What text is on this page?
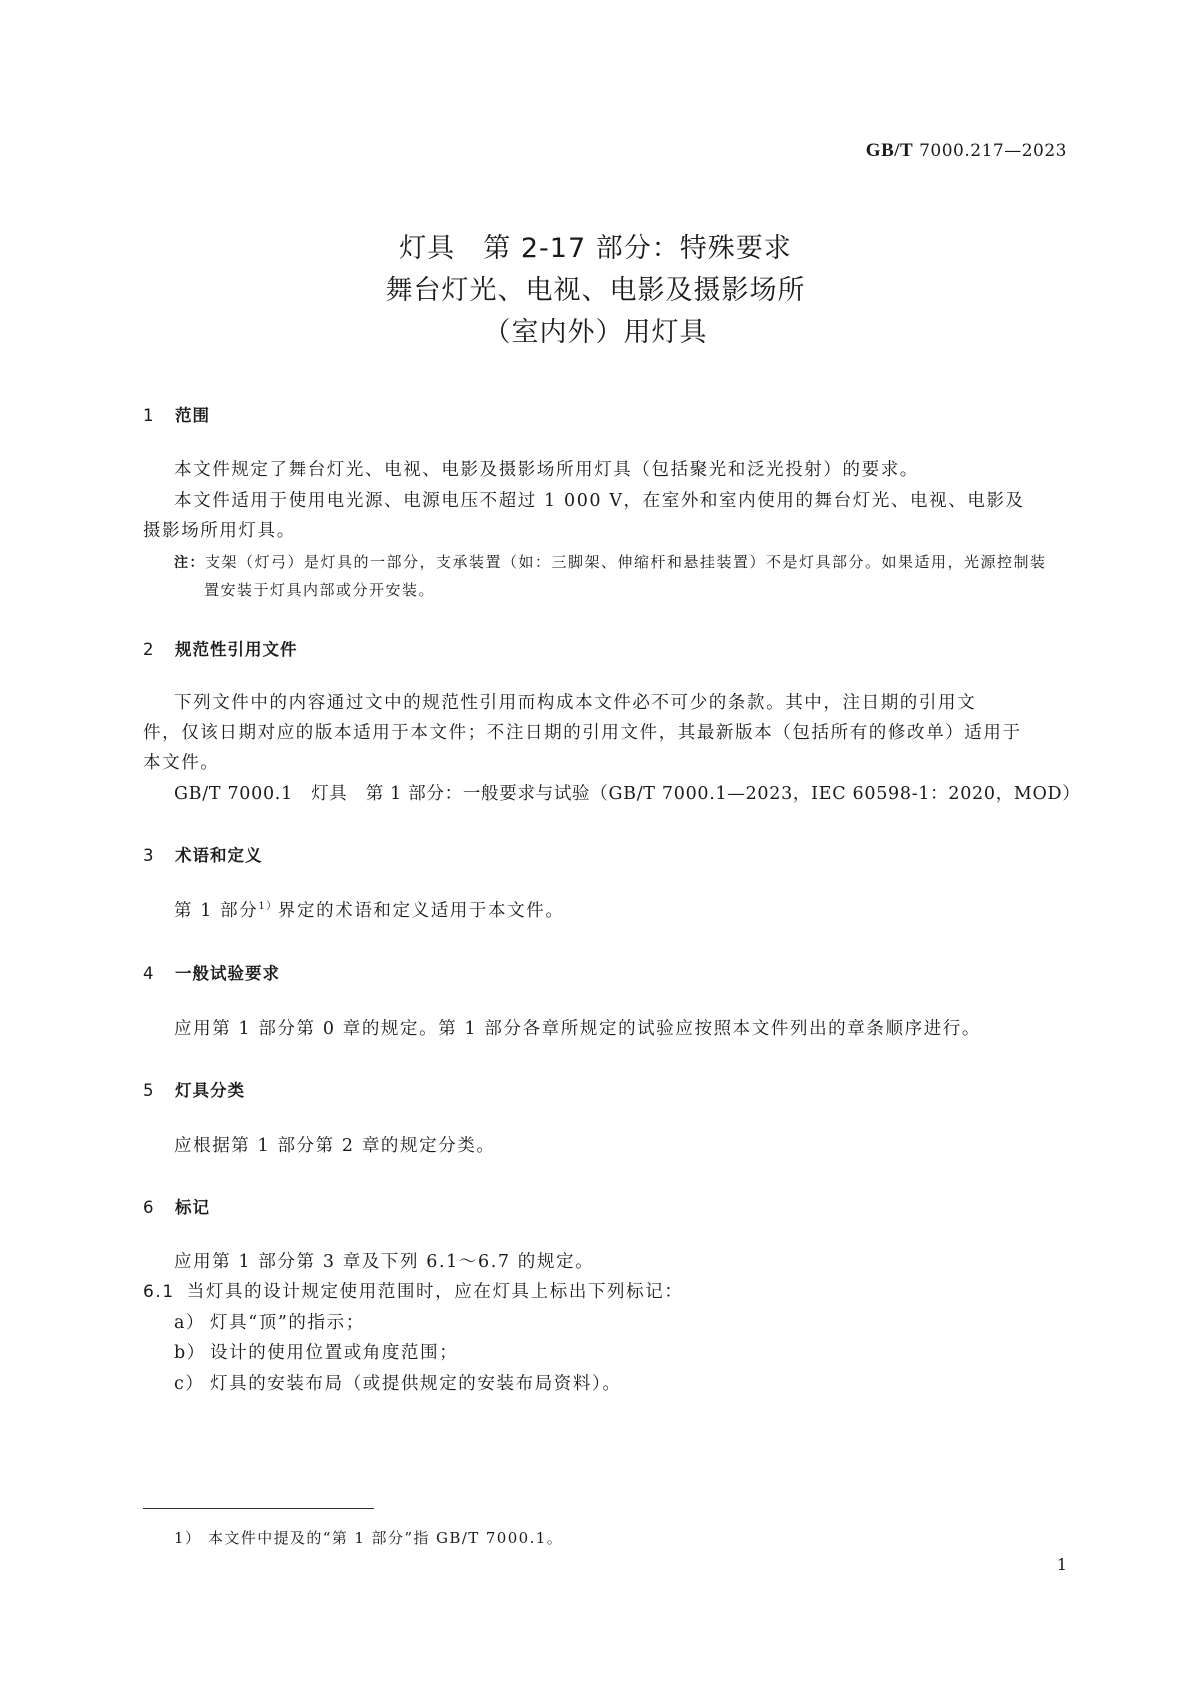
GB/T 7000.217—2023
灯具　第 2-17 部分：特殊要求
舞台灯光、电视、电影及摄影场所
（室内外）用灯具
1 范围
本文件规定了舞台灯光、电视、电影及摄影场所用灯具（包括聚光和泛光投射）的要求。
本文件适用于使用电光源、电源电压不超过 1 000 V，在室外和室内使用的舞台灯光、电视、电影及
摄影场所用灯具。
注：支架（灯弓）是灯具的一部分，支承装置（如：三脚架、伸缩杆和悬挂装置）不是灯具部分。如果适用，光源控制装
置安装于灯具内部或分开安装。
2 规范性引用文件
下列文件中的内容通过文中的规范性引用而构成本文件必不可少的条款。其中，注日期的引用文
件，仅该日期对应的版本适用于本文件；不注日期的引用文件，其最新版本（包括所有的修改单）适用于
本文件。
GB/T 7000.1　灯具　第 1 部分：一般要求与试验（GB/T 7000.1—2023，IEC 60598-1：2020，MOD）
3 术语和定义
第 1 部分$^{1)}$界定的术语和定义适用于本文件。
4 一般试验要求
应用第 1 部分第 0 章的规定。第 1 部分各章所规定的试验应按照本文件列出的章条顺序进行。
5 灯具分类
应根据第 1 部分第 2 章的规定分类。
6 标记
应用第 1 部分第 3 章及下列 6.1～6.7 的规定。
6.1 当灯具的设计规定使用范围时，应在灯具上标出下列标记：
a） 灯具“顶”的指示；
b） 设计的使用位置或角度范围；
c） 灯具的安装布局（或提供规定的安装布局资料）。
1） 本文件中提及的“第 1 部分”指 GB/T 7000.1。
1
